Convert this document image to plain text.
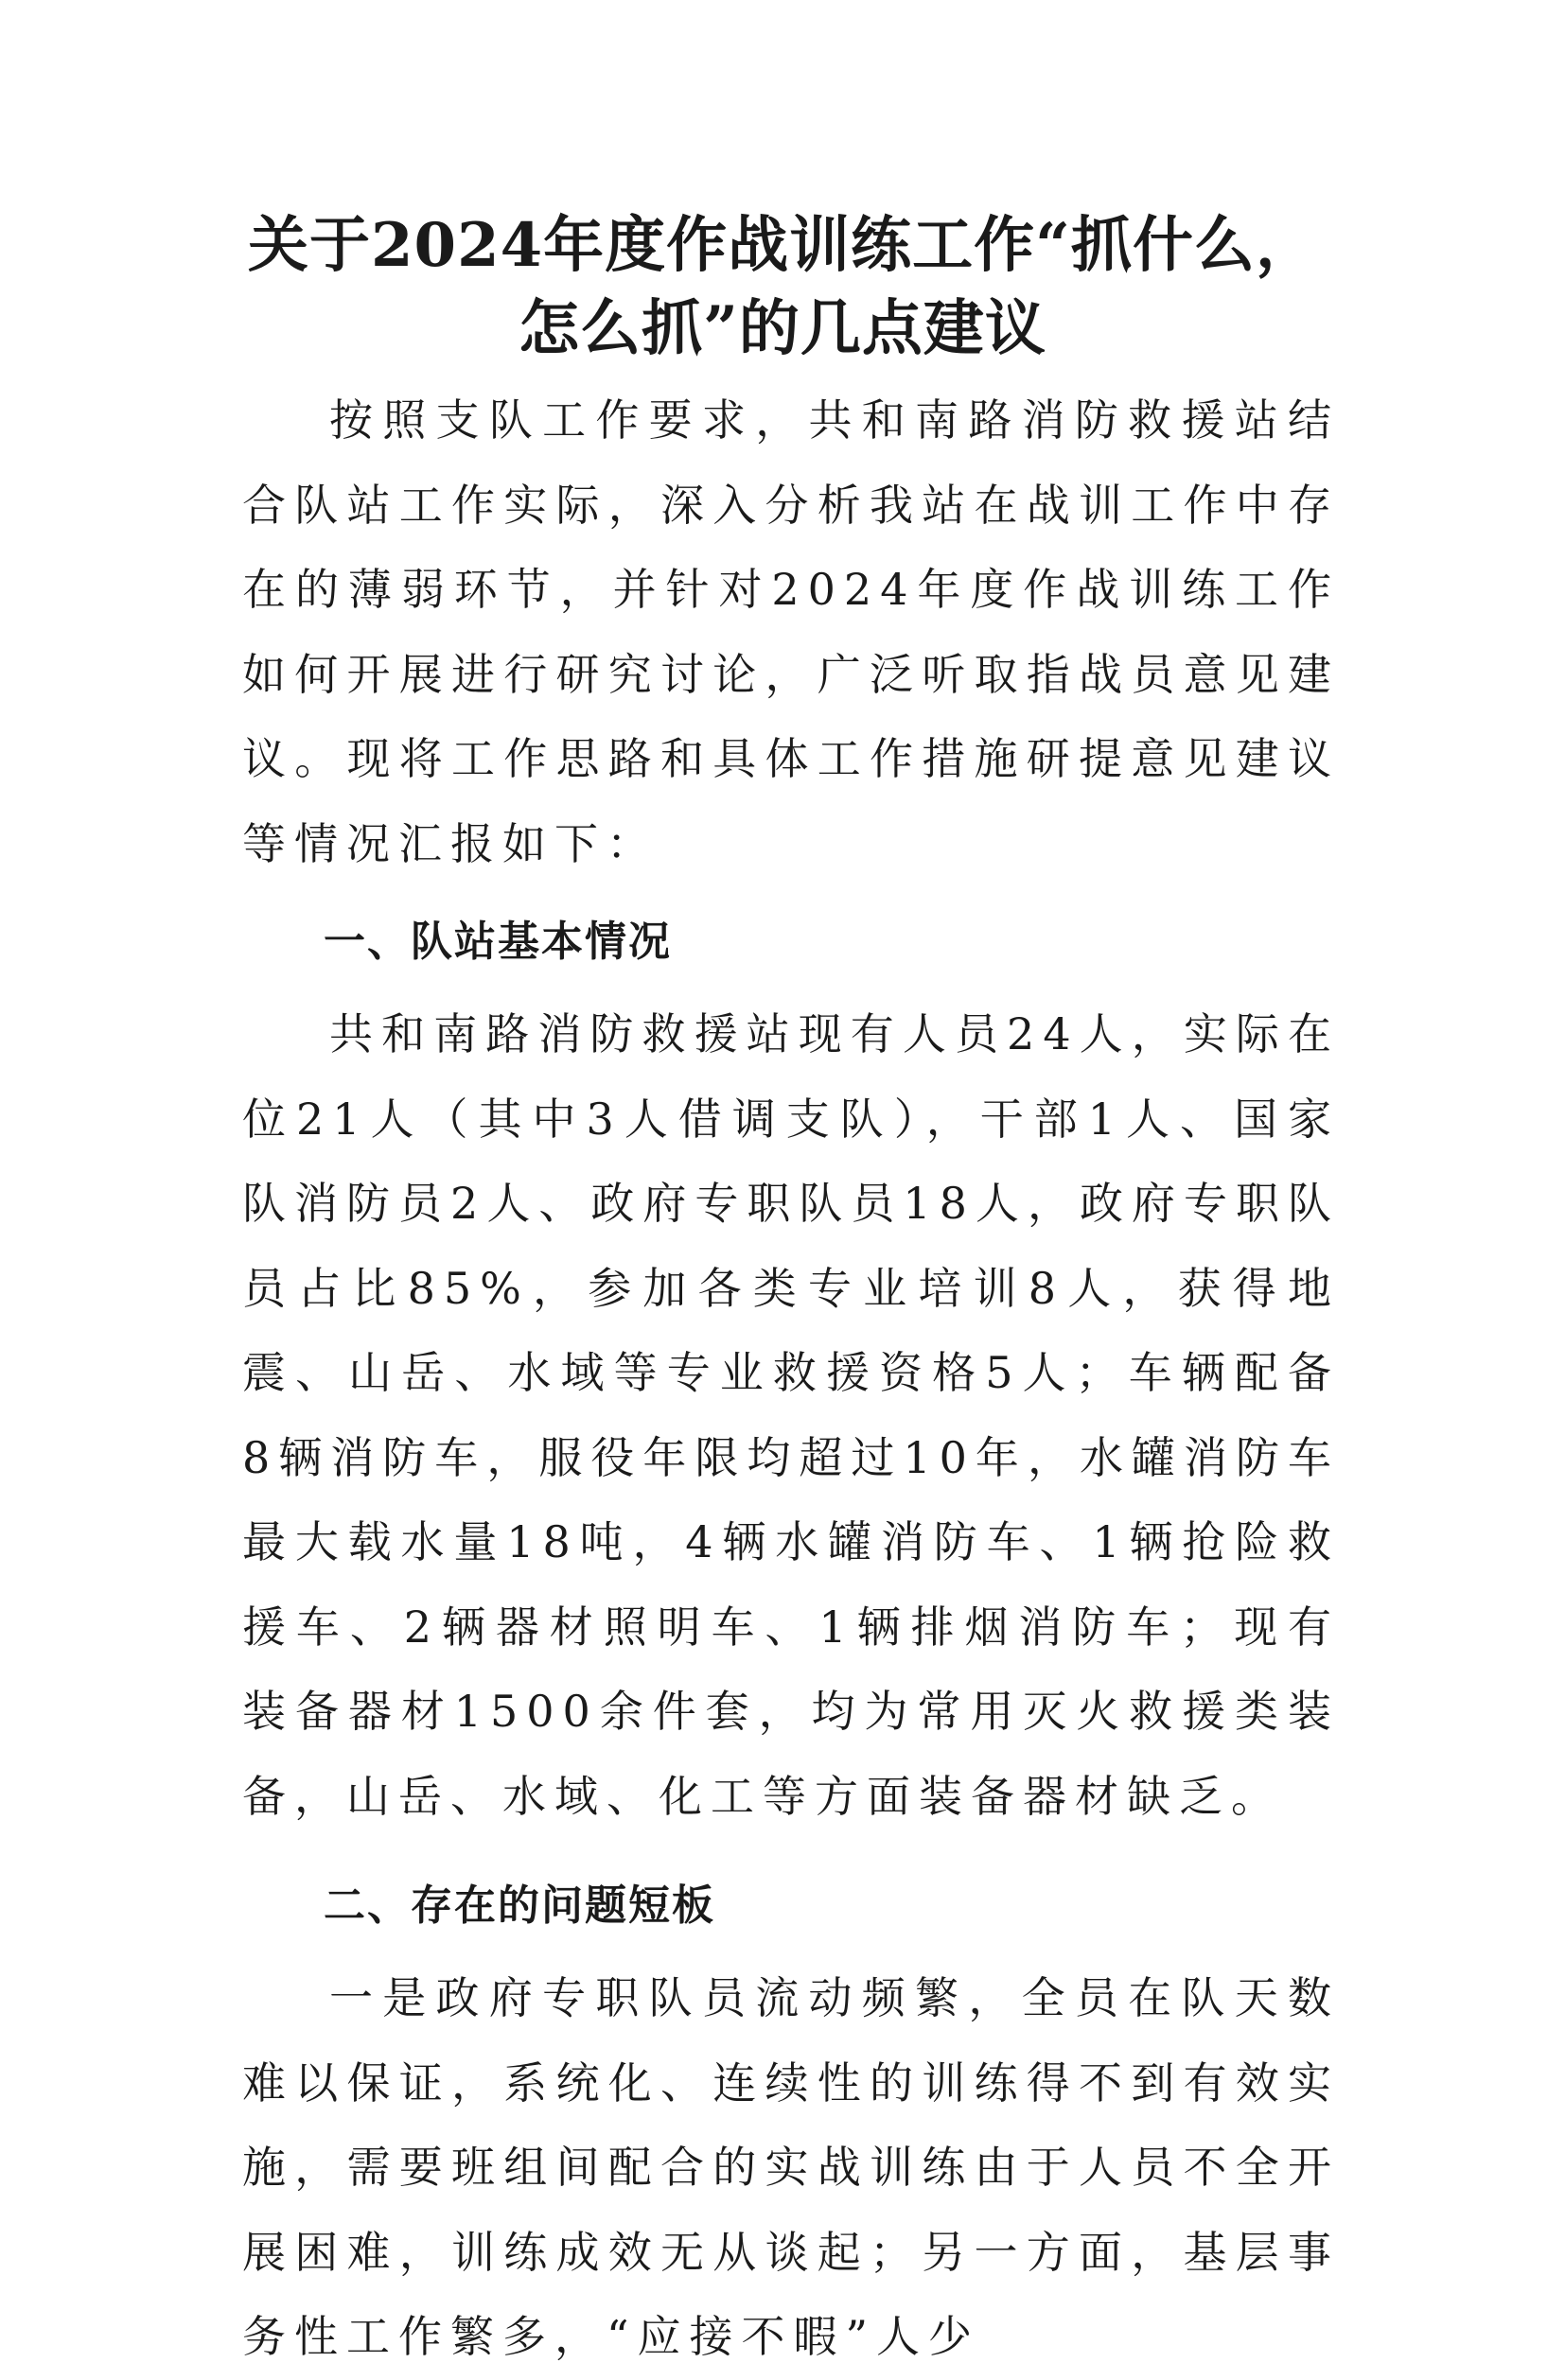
关于2024年度作战训练工作“抓什么，
怎么抓”的几点建议

按照支队工作要求，共和南路消防救援站结合队站工作实际，深入分析我站在战训工作中存在的薄弱环节，并针对2024年度作战训练工作如何开展进行研究讨论，广泛听取指战员意见建议。现将工作思路和具体工作措施研提意见建议等情况汇报如下：

一、队站基本情况

共和南路消防救援站现有人员24人，实际在位21人（其中3人借调支队），干部1人、国家队消防员2人、政府专职队员18人，政府专职队员占比85%，参加各类专业培训8人，获得地震、山岳、水域等专业救援资格5人；车辆配备8辆消防车，服役年限均超过10年，水罐消防车最大载水量18吨，4辆水罐消防车、1辆抢险救援车、2辆器材照明车、1辆排烟消防车；现有装备器材1500余件套，均为常用灭火救援类装备，山岳、水域、化工等方面装备器材缺乏。

二、存在的问题短板

一是政府专职队员流动频繁，全员在队天数难以保证，系统化、连续性的训练得不到有效实施，需要班组间配合的实战训练由于人员不全开展困难，训练成效无从谈起；另一方面，基层事务性工作繁多，“应接不暇”人少
